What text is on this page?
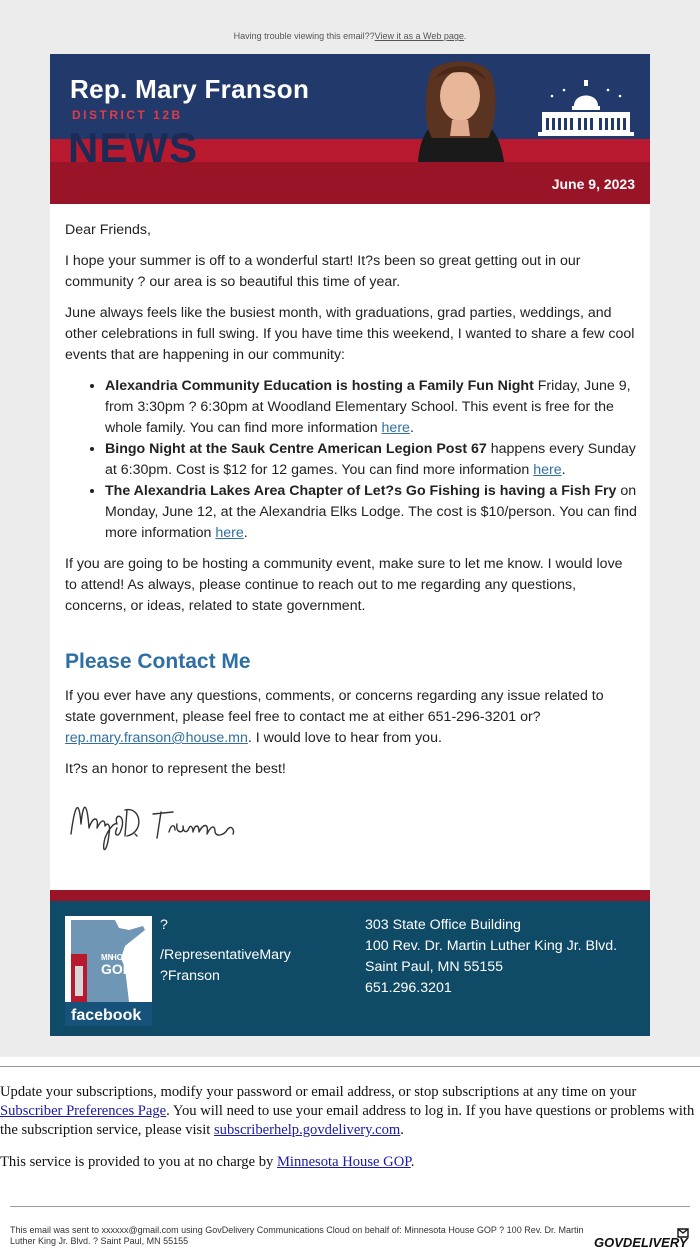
Having trouble viewing this email??View it as a Web page.
Rep. Mary Franson
DISTRICT 12B
NEWS
June 9, 2023

Dear Friends,

I hope your summer is off to a wonderful start! It?s been so great getting out in our community ? our area is so beautiful this time of year.

June always feels like the busiest month, with graduations, grad parties, weddings, and other celebrations in full swing. If you have time this weekend, I wanted to share a few cool events that are happening in our community:

• Alexandria Community Education is hosting a Family Fun Night Friday, June 9, from 3:30pm ? 6:30pm at Woodland Elementary School. This event is free for the whole family. You can find more information here.
• Bingo Night at the Sauk Centre American Legion Post 67 happens every Sunday at 6:30pm. Cost is $12 for 12 games. You can find more information here.
• The Alexandria Lakes Area Chapter of Let?s Go Fishing is having a Fish Fry on Monday, June 12, at the Alexandria Elks Lodge. The cost is $10/person. You can find more information here.

If you are going to be hosting a community event, make sure to let me know. I would love to attend! As always, please continue to reach out to me regarding any questions, concerns, or ideas, related to state government.

Please Contact Me

If you ever have any questions, comments, or concerns regarding any issue related to state government, please feel free to contact me at either 651-296-3201 or? rep.mary.franson@house.mn. I would love to hear from you.

It?s an honor to represent the best!

MN
HOUSE
GOP
facebook
?
/RepresentativeMary
?Franson
303 State Office Building
100 Rev. Dr. Martin Luther King Jr. Blvd.
Saint Paul, MN 55155
651.296.3201
Update your subscriptions, modify your password or email address, or stop subscriptions at any time on your Subscriber Preferences Page. You will need to use your email address to log in. If you have questions or problems with the subscription service, please visit subscriberhelp.govdelivery.com.
This service is provided to you at no charge by Minnesota House GOP.
This email was sent to xxxxxx@gmail.com using GovDelivery Communications Cloud on behalf of: Minnesota House GOP ? 100 Rev. Dr. Martin Luther King Jr. Blvd. ? Saint Paul, MN 55155	GOVDELIVERY
